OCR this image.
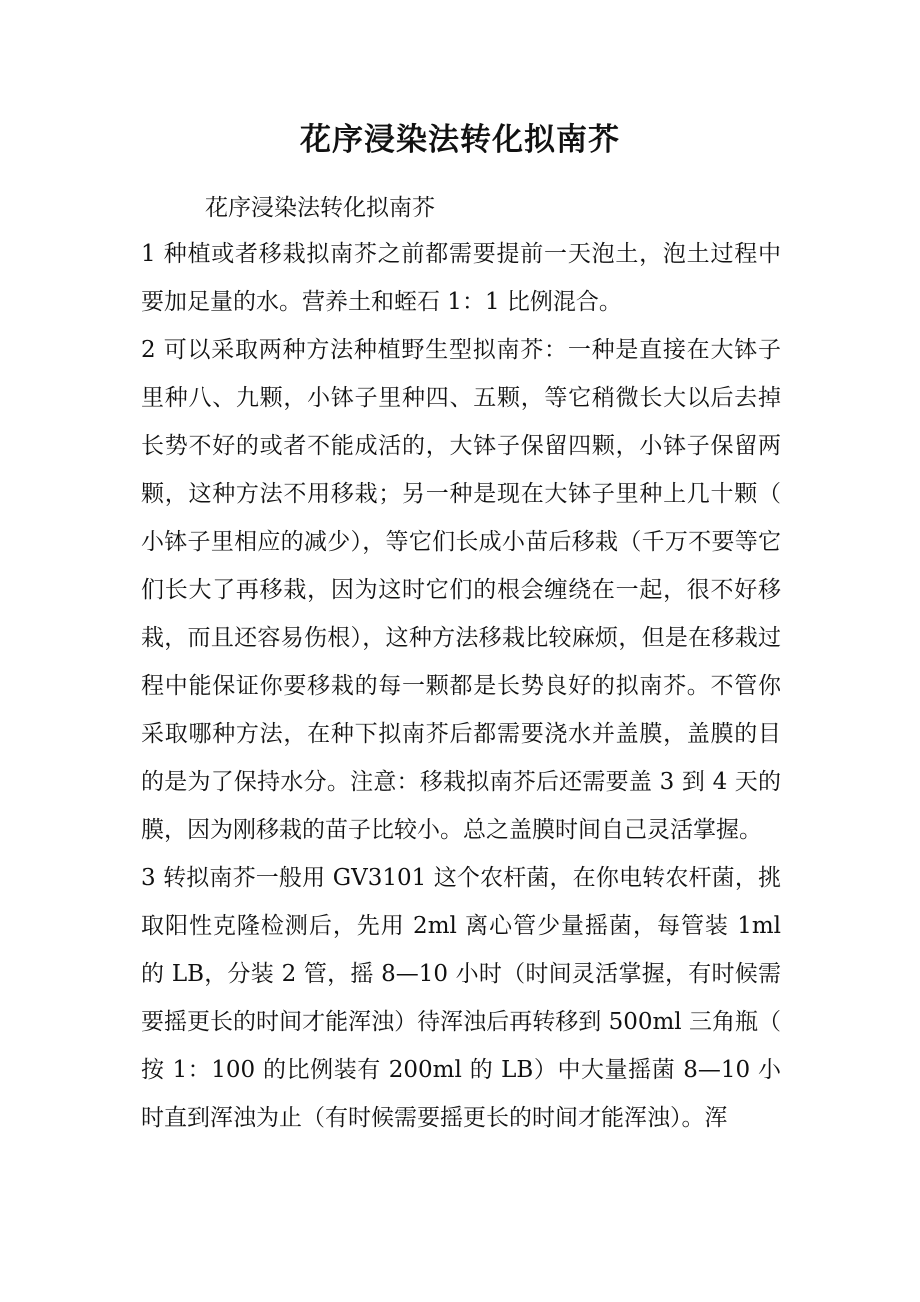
花序浸染法转化拟南芥

花序浸染法转化拟南芥

1 种植或者移栽拟南芥之前都需要提前一天泡土，泡土过程中要加足量的水。营养土和蛭石 1：1 比例混合。

2 可以采取两种方法种植野生型拟南芥：一种是直接在大钵子里种八、九颗，小钵子里种四、五颗，等它稍微长大以后去掉长势不好的或者不能成活的，大钵子保留四颗，小钵子保留两颗，这种方法不用移栽；另一种是现在大钵子里种上几十颗（小钵子里相应的减少），等它们长成小苗后移栽（千万不要等它们长大了再移栽，因为这时它们的根会缠绕在一起，很不好移栽，而且还容易伤根），这种方法移栽比较麻烦，但是在移栽过程中能保证你要移栽的每一颗都是长势良好的拟南芥。不管你采取哪种方法，在种下拟南芥后都需要浇水并盖膜，盖膜的目的是为了保持水分。注意：移栽拟南芥后还需要盖 3 到 4 天的膜，因为刚移栽的苗子比较小。总之盖膜时间自己灵活掌握。

3 转拟南芥一般用 GV3101 这个农杆菌，在你电转农杆菌，挑取阳性克隆检测后，先用 2ml 离心管少量摇菌，每管装 1ml 的 LB，分装 2 管，摇 8—10 小时（时间灵活掌握，有时候需要摇更长的时间才能浑浊）待浑浊后再转移到 500ml 三角瓶（按 1：100 的比例装有 200ml 的 LB）中大量摇菌 8—10 小时直到浑浊为止（有时候需要摇更长的时间才能浑浊）。浑
